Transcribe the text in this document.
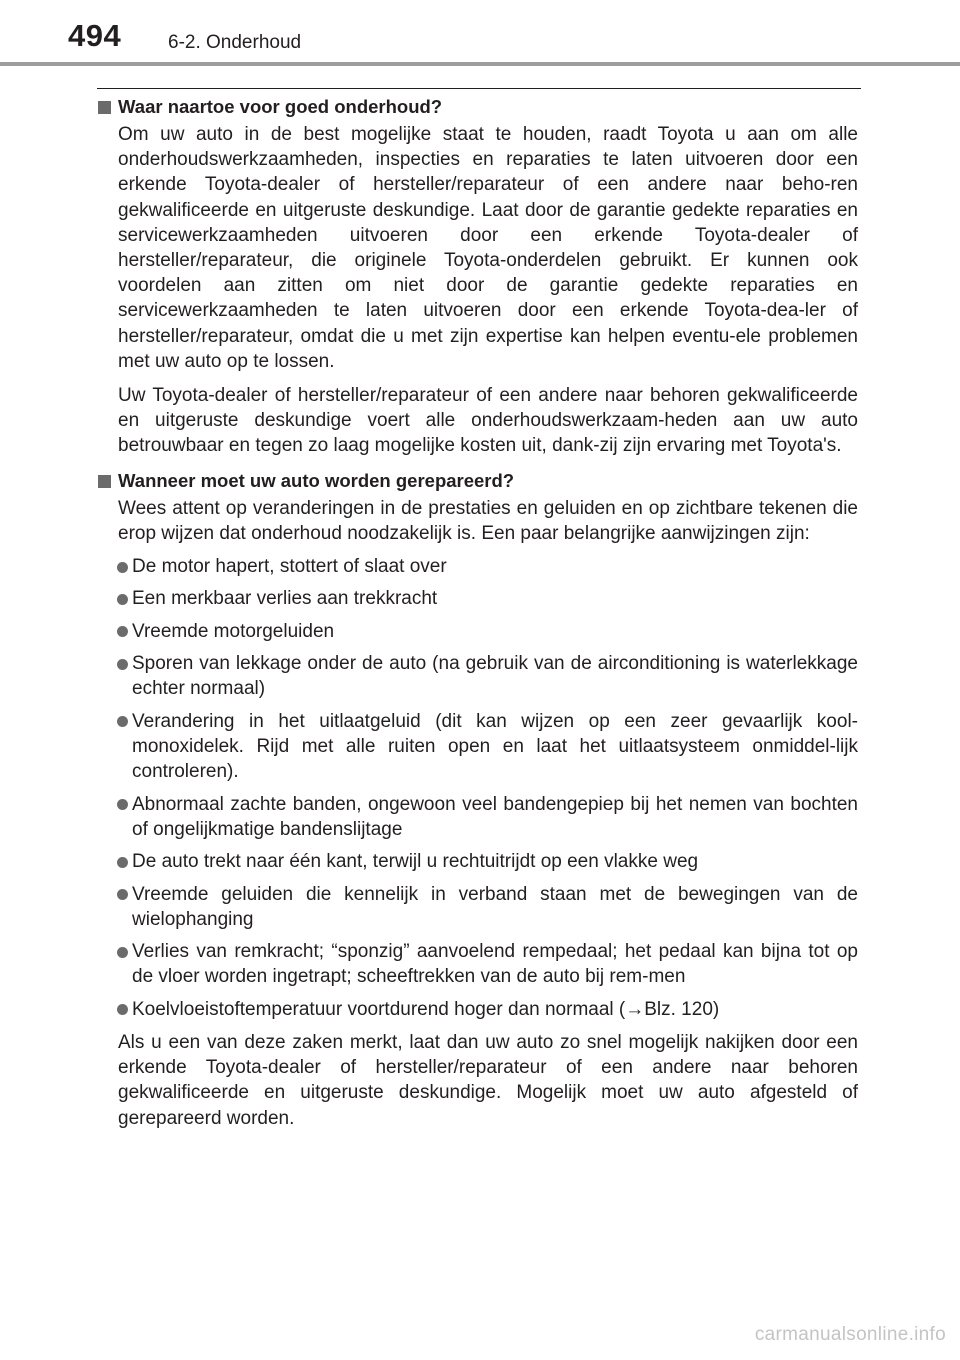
494 6-2. Onderhoud
Waar naartoe voor goed onderhoud?

Om uw auto in de best mogelijke staat te houden, raadt Toyota u aan om alle onderhoudswerkzaamheden, inspecties en reparaties te laten uitvoeren door een erkende Toyota-dealer of hersteller/reparateur of een andere naar beho-ren gekwalificeerde en uitgeruste deskundige. Laat door de garantie gedekte reparaties en servicewerkzaamheden uitvoeren door een erkende Toyota-dealer of hersteller/reparateur, die originele Toyota-onderdelen gebruikt. Er kunnen ook voordelen aan zitten om niet door de garantie gedekte reparaties en servicewerkzaamheden te laten uitvoeren door een erkende Toyota-dea-ler of hersteller/reparateur, omdat die u met zijn expertise kan helpen eventu-ele problemen met uw auto op te lossen.

Uw Toyota-dealer of hersteller/reparateur of een andere naar behoren gekwalificeerde en uitgeruste deskundige voert alle onderhoudswerkzaam-heden aan uw auto betrouwbaar en tegen zo laag mogelijke kosten uit, dank-zij zijn ervaring met Toyota's.

Wanneer moet uw auto worden gerepareerd?

Wees attent op veranderingen in de prestaties en geluiden en op zichtbare tekenen die erop wijzen dat onderhoud noodzakelijk is. Een paar belangrijke aanwijzingen zijn:

De motor hapert, stottert of slaat over
Een merkbaar verlies aan trekkracht
Vreemde motorgeluiden
Sporen van lekkage onder de auto (na gebruik van de airconditioning is waterlekkage echter normaal)
Verandering in het uitlaatgeluid (dit kan wijzen op een zeer gevaarlijk kool-monoxidelek. Rijd met alle ruiten open en laat het uitlaatsysteem onmiddel-lijk controleren).
Abnormaal zachte banden, ongewoon veel bandengepiep bij het nemen van bochten of ongelijkmatige bandenslijtage
De auto trekt naar één kant, terwijl u rechtuitrijdt op een vlakke weg
Vreemde geluiden die kennelijk in verband staan met de bewegingen van de wielophanging
Verlies van remkracht; “sponzig” aanvoelend rempedaal; het pedaal kan bijna tot op de vloer worden ingetrapt; scheeftrekken van de auto bij rem-men
Koelvloeistoftemperatuur voortdurend hoger dan normaal (→Blz. 120)

Als u een van deze zaken merkt, laat dan uw auto zo snel mogelijk nakijken door een erkende Toyota-dealer of hersteller/reparateur of een andere naar behoren gekwalificeerde en uitgeruste deskundige. Mogelijk moet uw auto afgesteld of gerepareerd worden.

carmanualsonline.info
